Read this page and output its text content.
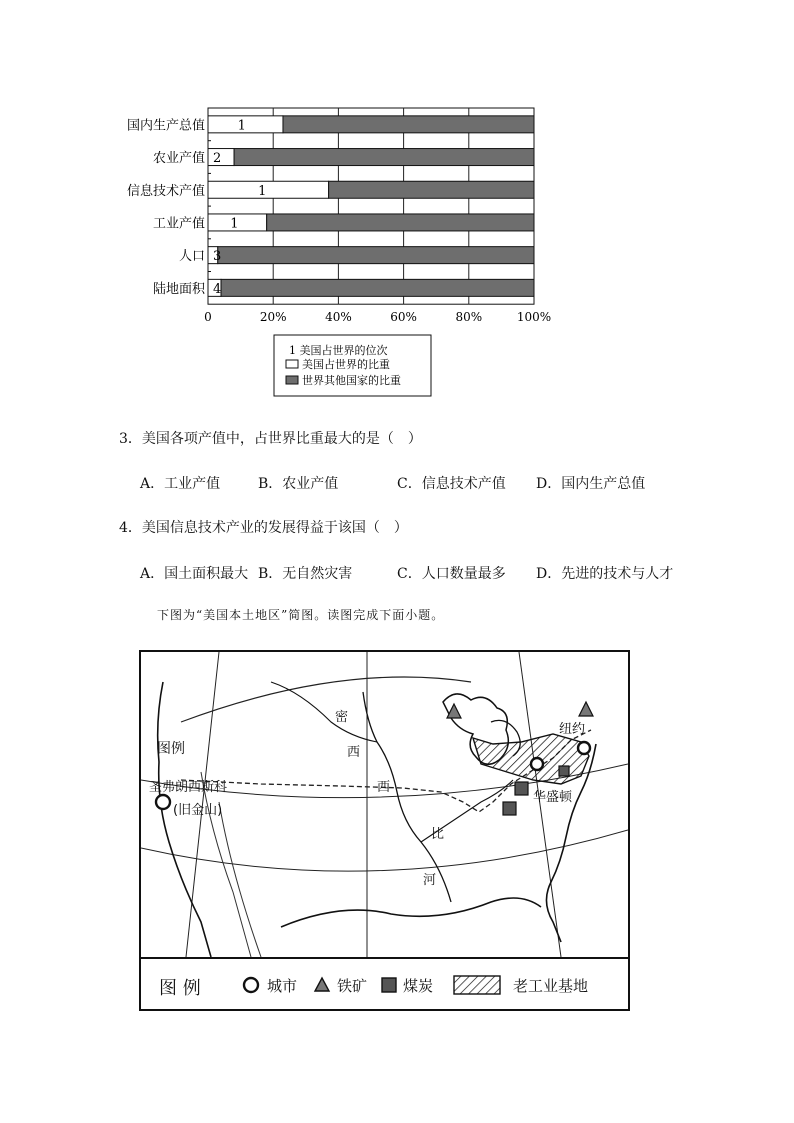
1
2
1
1
3
4
国内生产总值
农业产值
信息技术产值
工业产值
人口
陆地面积
0	20%	40%	60%	80%	100%
1 美国占世界的位次
美国占世界的比重
世界其他国家的比重
3．美国各项产值中，占世界比重最大的是（　）
A．工业产值	B．农业产值	C．信息技术产值 D．国内生产总值
4．美国信息技术产业的发展得益于该国（　）
A．国土面积最大 B．无自然灾害	C．人口数量最多 D．先进的技术与人才
下图为“美国本土地区”简图。读图完成下面小题。
密
西
西
比
河
图例
圣弗朗西斯科
(旧金山)
纽约
华盛顿
图 例	城市	铁矿 煤炭	老工业基地
